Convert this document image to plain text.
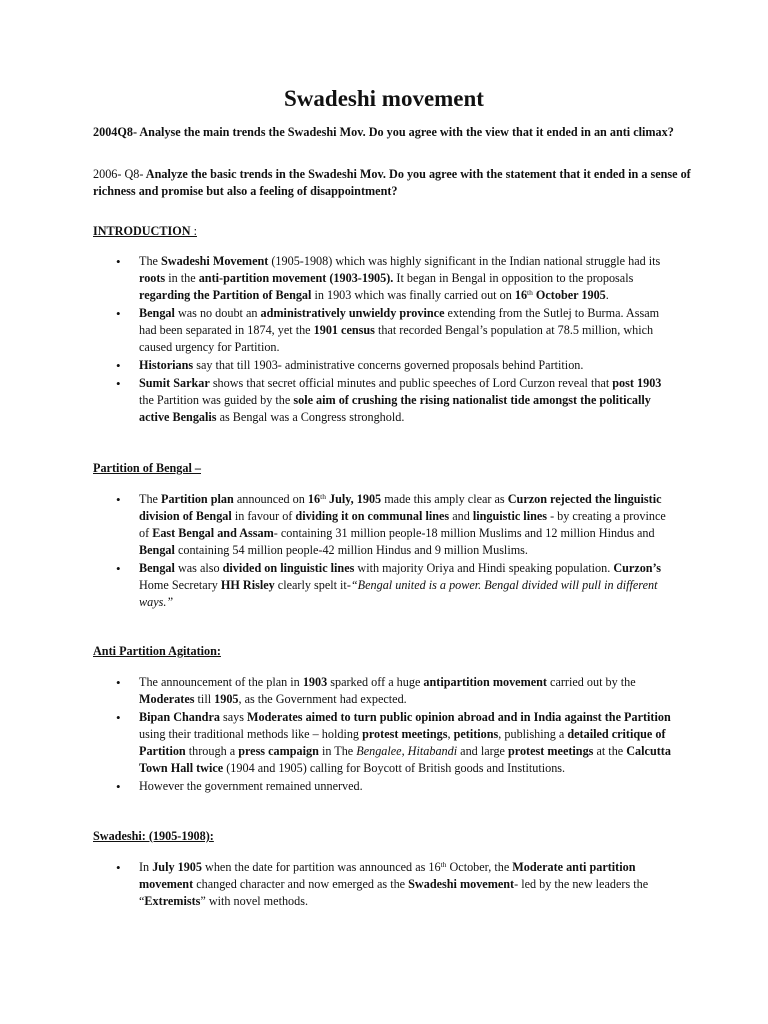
Swadeshi movement
2004Q8- Analyse the main trends the Swadeshi Mov. Do you agree with the view that it ended in an anti climax?
2006- Q8- Analyze the basic trends in the Swadeshi Mov. Do you agree with the statement that it ended in a sense of richness and promise but also a feeling of disappointment?
INTRODUCTION :
• The Swadeshi Movement (1905-1908) which was highly significant in the Indian national struggle had its roots in the anti-partition movement (1903-1905). It began in Bengal in opposition to the proposals regarding the Partition of Bengal in 1903 which was finally carried out on 16th October 1905.
• Bengal was no doubt an administratively unwieldy province extending from the Sutlej to Burma. Assam had been separated in 1874, yet the 1901 census that recorded Bengal’s population at 78.5 million, which caused urgency for Partition.
• Historians say that till 1903- administrative concerns governed proposals behind Partition.
• Sumit Sarkar shows that secret official minutes and public speeches of Lord Curzon reveal that post 1903 the Partition was guided by the sole aim of crushing the rising nationalist tide amongst the politically active Bengalis as Bengal was a Congress stronghold.
Partition of Bengal –
• The Partition plan announced on 16th July, 1905 made this amply clear as Curzon rejected the linguistic division of Bengal in favour of dividing it on communal lines and linguistic lines - by creating a province of East Bengal and Assam- containing 31 million people-18 million Muslims and 12 million Hindus and Bengal containing 54 million people-42 million Hindus and 9 million Muslims.
• Bengal was also divided on linguistic lines with majority Oriya and Hindi speaking population. Curzon’s Home Secretary HH Risley clearly spelt it-“Bengal united is a power. Bengal divided will pull in different ways.”
Anti Partition Agitation:
• The announcement of the plan in 1903 sparked off a huge antipartition movement carried out by the Moderates till 1905, as the Government had expected.
• Bipan Chandra says Moderates aimed to turn public opinion abroad and in India against the Partition using their traditional methods like – holding protest meetings, petitions, publishing a detailed critique of Partition through a press campaign in The Bengalee, Hitabandi and large protest meetings at the Calcutta Town Hall twice (1904 and 1905) calling for Boycott of British goods and Institutions.
• However the government remained unnerved.
Swadeshi: (1905-1908):
• In July 1905 when the date for partition was announced as 16th October, the Moderate anti partition movement changed character and now emerged as the Swadeshi movement- led by the new leaders the “Extremists” with novel methods.
